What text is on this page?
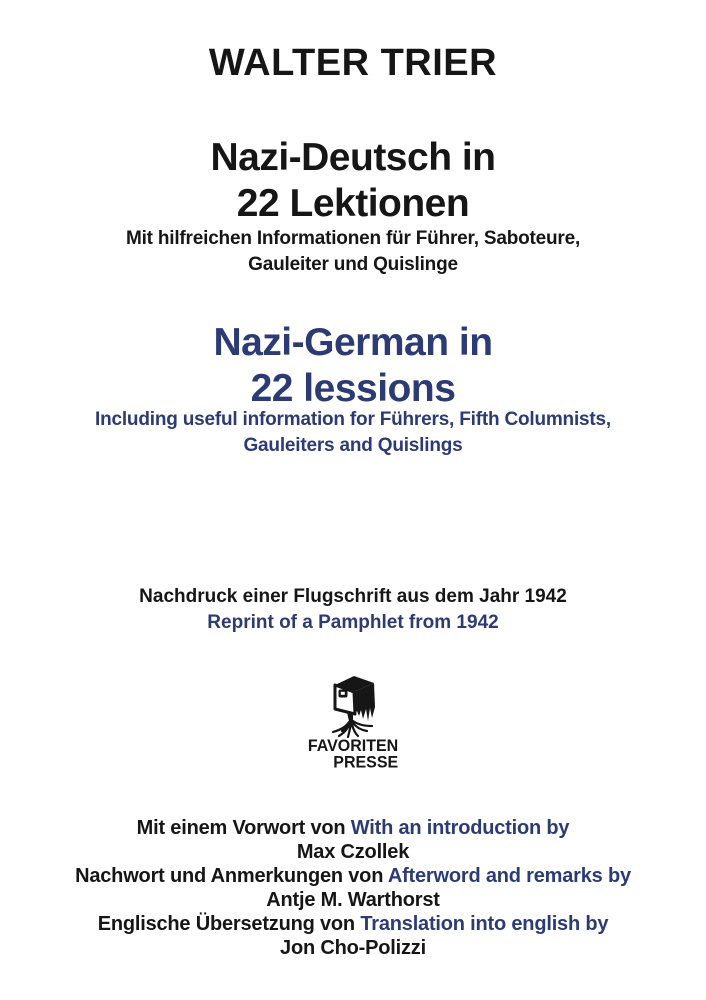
WALTER TRIER
Nazi-Deutsch in
22 Lektionen
Mit hilfreichen Informationen für Führer, Saboteure,
Gauleiter und Quislinge
Nazi-German in
22 lessions
Including useful information for Führers, Fifth Columnists,
Gauleiters and Quislings
Nachdruck einer Flugschrift aus dem Jahr 1942
Reprint of a Pamphlet from 1942
FAVORITEN
PRESSE
Mit einem Vorwort von With an introduction by
Max Czollek
Nachwort und Anmerkungen von Afterword and remarks by
Antje M. Warthorst
Englische Übersetzung von Translation into english by
Jon Cho-Polizzi
